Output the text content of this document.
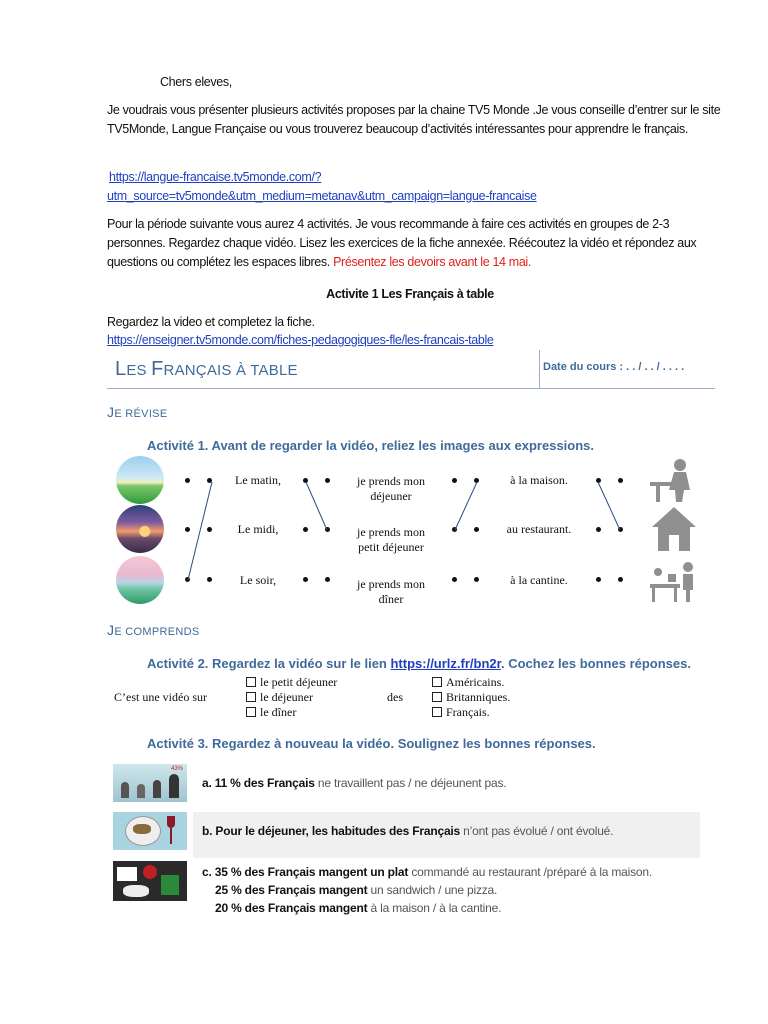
Chers eleves,
Je voudrais vous présenter plusieurs activités proposes par la chaine TV5 Monde .Je vous conseille d’entrer sur le site TV5Monde, Langue Française ou vous trouverez beaucoup d’activités intéressantes pour apprendre le français.
https://langue-francaise.tv5monde.com/?
utm_source=tv5monde&utm_medium=metanav&utm_campaign=langue-francaise
Pour la période suivante vous aurez 4 activités. Je vous recommande à faire ces activités en groupes de 2-3 personnes. Regardez chaque vidéo. Lisez les exercices de la fiche annexée. Réécoutez la vidéo et répondez aux questions ou complétez les espaces libres. Présentez les devoirs avant le 14 mai.
Activite 1 Les Français à table
Regardez la video et completez la fiche.
https://enseigner.tv5monde.com/fiches-pedagogiques-fle/les-francais-table
LES FRANÇAIS À TABLE	Date du cours : . . / . . / . . . .
JE RÉVISE
Activité 1. Avant de regarder la vidéo, reliez les images aux expressions.
Le matin,
Le midi,
Le soir,
je prends mon déjeuner
je prends mon petit déjeuner
je prends mon dîner
à la maison.
au restaurant.
à la cantine.
JE COMPRENDS
Activité 2. Regardez la vidéo sur le lien https://urlz.fr/bn2r. Cochez les bonnes réponses.
C’est une vidéo sur
le petit déjeuner
le déjeuner
le dîner
des
Américains.
Britanniques.
Français.
Activité 3. Regardez à nouveau la vidéo. Soulignez les bonnes réponses.
43%
a. 11 % des Français ne travaillent pas / ne déjeunent pas.
b. Pour le déjeuner, les habitudes des Français n’ont pas évolué / ont évolué.
c. 35 % des Français mangent un plat commandé au restaurant /préparé à la maison.
25 % des Français mangent un sandwich / une pizza.
20 % des Français mangent à la maison / à la cantine.
